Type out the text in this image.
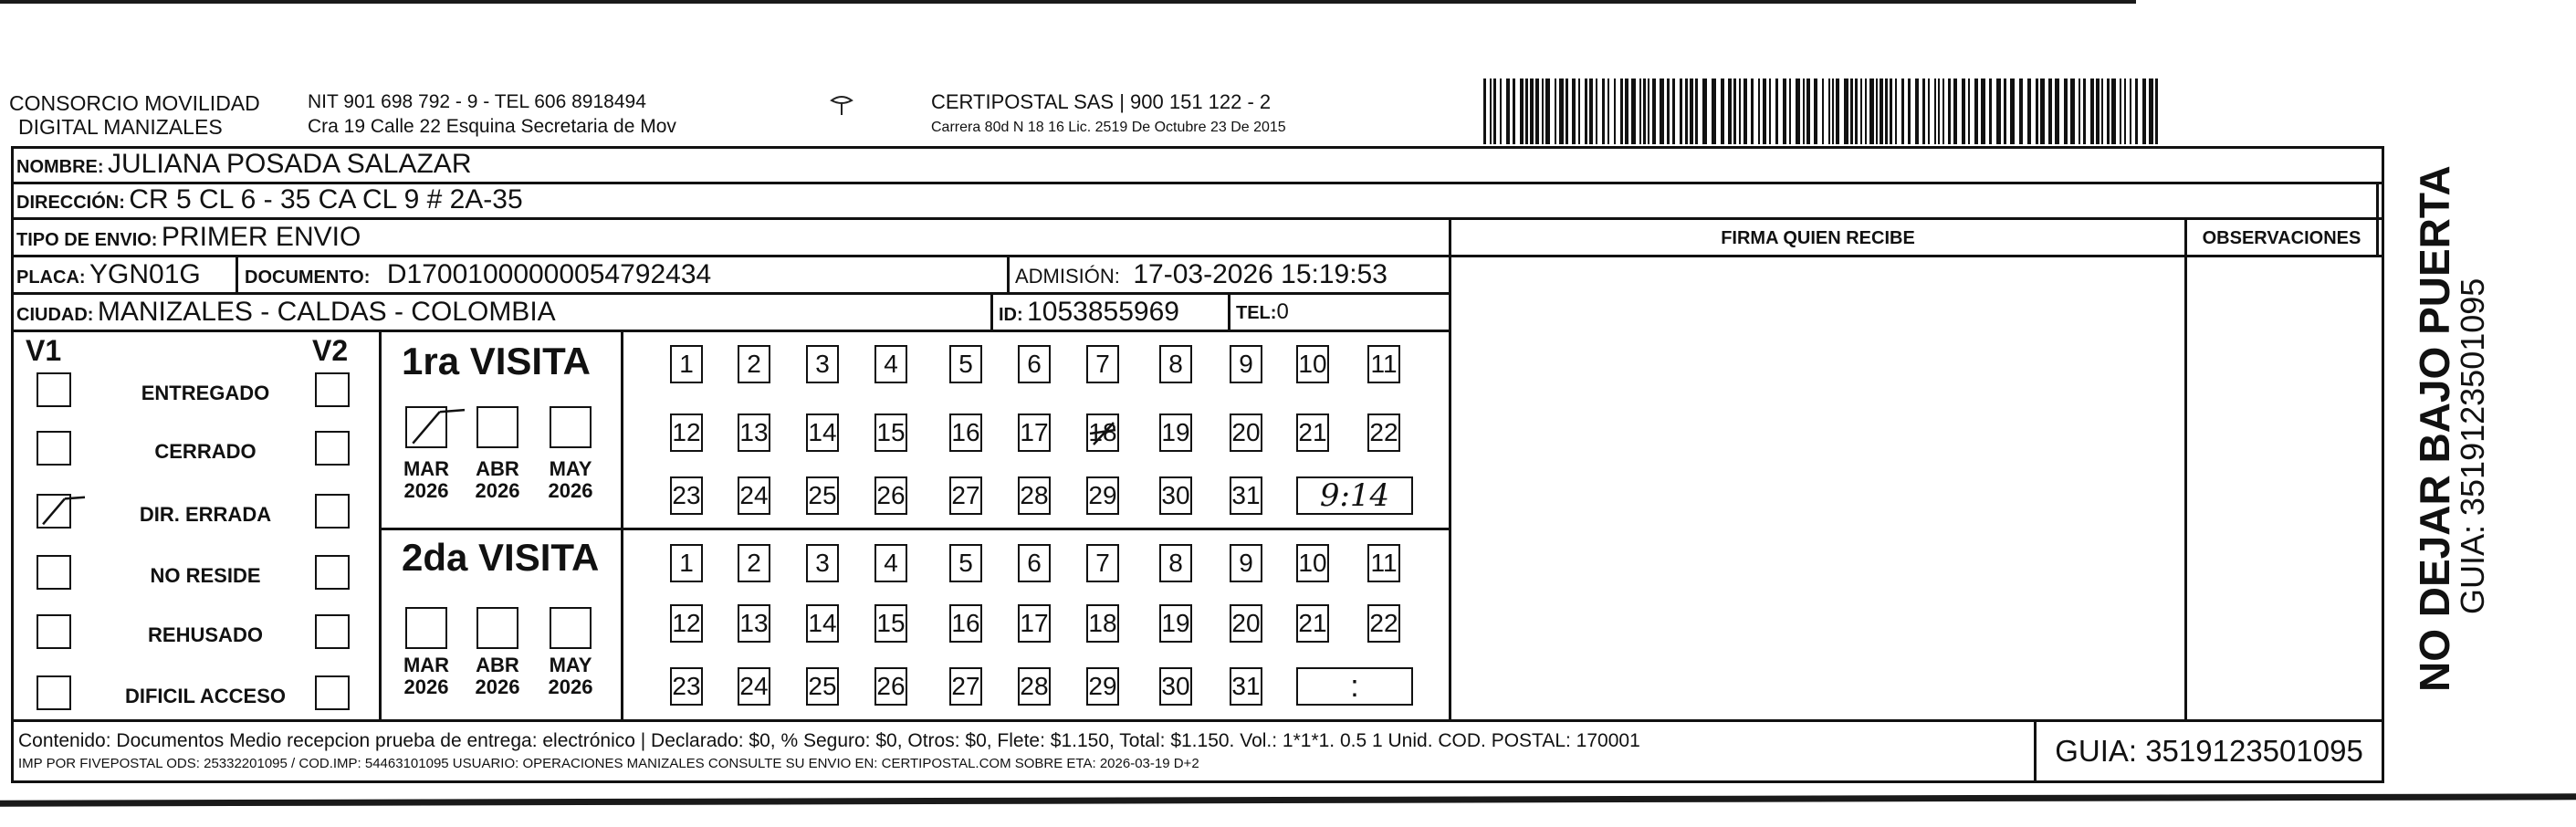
CONSORCIO MOVILIDAD
DIGITAL MANIZALES
NIT 901 698 792 - 9 - TEL 606 8918494
Cra 19 Calle 22 Esquina Secretaria de Mov
CERTIPOSTAL SAS | 900 151 122 - 2
Carrera 80d N 18 16 Lic. 2519 De Octubre 23 De 2015
NOMBRE: JULIANA POSADA SALAZAR
DIRECCIÓN: CR 5 CL 6 - 35 CA CL 9 # 2A-35
TIPO DE ENVIO: PRIMER ENVIO
PLACA: YGN01G DOCUMENTO: D17001000000054792434	ADMISIÓN: 17-03-2026 15:19:53
CIUDAD: MANIZALES - CALDAS - COLOMBIA	ID: 1053855969	TEL:0
FIRMA QUIEN RECIBE	OBSERVACIONES
V1	V2
ENTREGADO
CERRADO
DIR. ERRADA
NO RESIDE
REHUSADO
DIFICIL ACCESO
1ra VISITA
2da VISITA
MAR
2026
ABR
2026
MAY
2026
MAR
2026
ABR
2026
MAY
2026
1	2	3	4	5	6	7	8	9	10 11
12 13 14 15 16 17 18 19 20 21 22
23 24 25 26 27 28 29 30 31	9:14
1	2	3	4	5	6	7	8	9	10 11
12 13 14 15 16 17 18 19 20 21 22
23 24 25 26 27 28 29 30 31	:
Contenido: Documentos Medio recepcion prueba de entrega: electrónico | Declarado: $0, % Seguro: $0, Otros: $0, Flete: $1.150, Total: $1.150. Vol.: 1*1*1. 0.5 1 Unid. COD. POSTAL: 170001
IMP POR FIVEPOSTAL ODS: 25332201095 / COD.IMP: 54463101095 USUARIO: OPERACIONES MANIZALES CONSULTE SU ENVIO EN: CERTIPOSTAL.COM SOBRE ETA: 2026-03-19 D+2	GUIA: 3519123501095
NO DEJAR BAJO PUERTA
GUIA: 3519123501095
